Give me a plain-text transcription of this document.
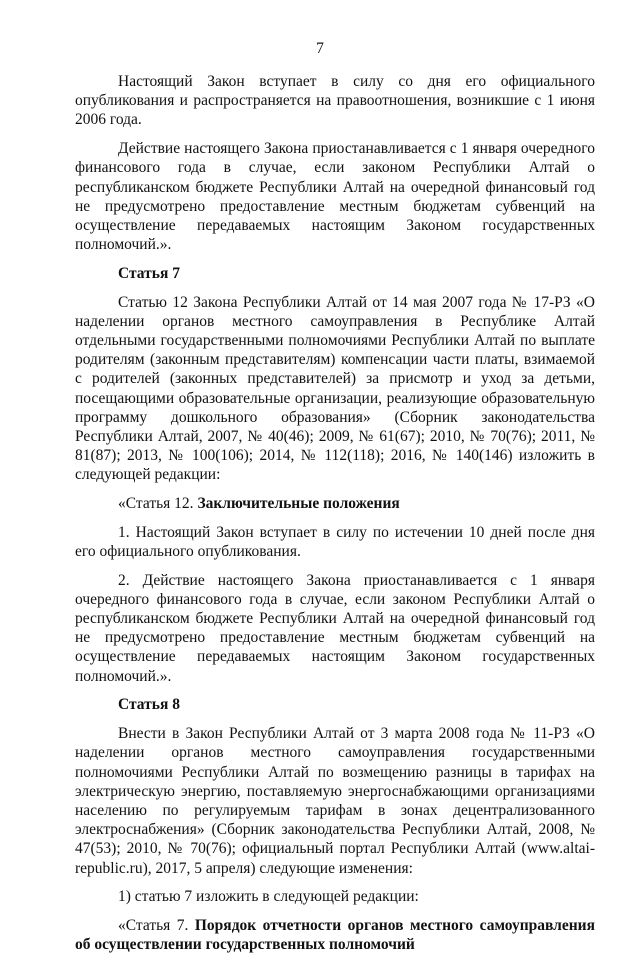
7

Настоящий Закон вступает в силу со дня его официального опубликования и распространяется на правоотношения, возникшие с 1 июня 2006 года.

Действие настоящего Закона приостанавливается с 1 января очередного финансового года в случае, если законом Республики Алтай о республиканском бюджете Республики Алтай на очередной финансовый год не предусмотрено предоставление местным бюджетам субвенций на осуществление передаваемых настоящим Законом государственных полномочий.».

Статья 7

Статью 12 Закона Республики Алтай от 14 мая 2007 года № 17-РЗ «О наделении органов местного самоуправления в Республике Алтай отдельными государственными полномочиями Республики Алтай по выплате родителям (законным представителям) компенсации части платы, взимаемой с родителей (законных представителей) за присмотр и уход за детьми, посещающими образовательные организации, реализующие образовательную программу дошкольного образования» (Сборник законодательства Республики Алтай, 2007, № 40(46); 2009, № 61(67); 2010, № 70(76); 2011, № 81(87); 2013, № 100(106); 2014, № 112(118); 2016, № 140(146) изложить в следующей редакции:

«Статья 12. Заключительные положения

1. Настоящий Закон вступает в силу по истечении 10 дней после дня его официального опубликования.

2. Действие настоящего Закона приостанавливается с 1 января очередного финансового года в случае, если законом Республики Алтай о республиканском бюджете Республики Алтай на очередной финансовый год не предусмотрено предоставление местным бюджетам субвенций на осуществление передаваемых настоящим Законом государственных полномочий.».

Статья 8

Внести в Закон Республики Алтай от 3 марта 2008 года № 11-РЗ «О наделении органов местного самоуправления государственными полномочиями Республики Алтай по возмещению разницы в тарифах на электрическую энергию, поставляемую энергоснабжающими организациями населению по регулируемым тарифам в зонах децентрализованного электроснабжения» (Сборник законодательства Республики Алтай, 2008, № 47(53); 2010, № 70(76); официальный портал Республики Алтай (www.altai-republic.ru), 2017, 5 апреля) следующие изменения:

1) статью 7 изложить в следующей редакции:

«Статья 7. Порядок отчетности органов местного самоуправления об осуществлении государственных полномочий
